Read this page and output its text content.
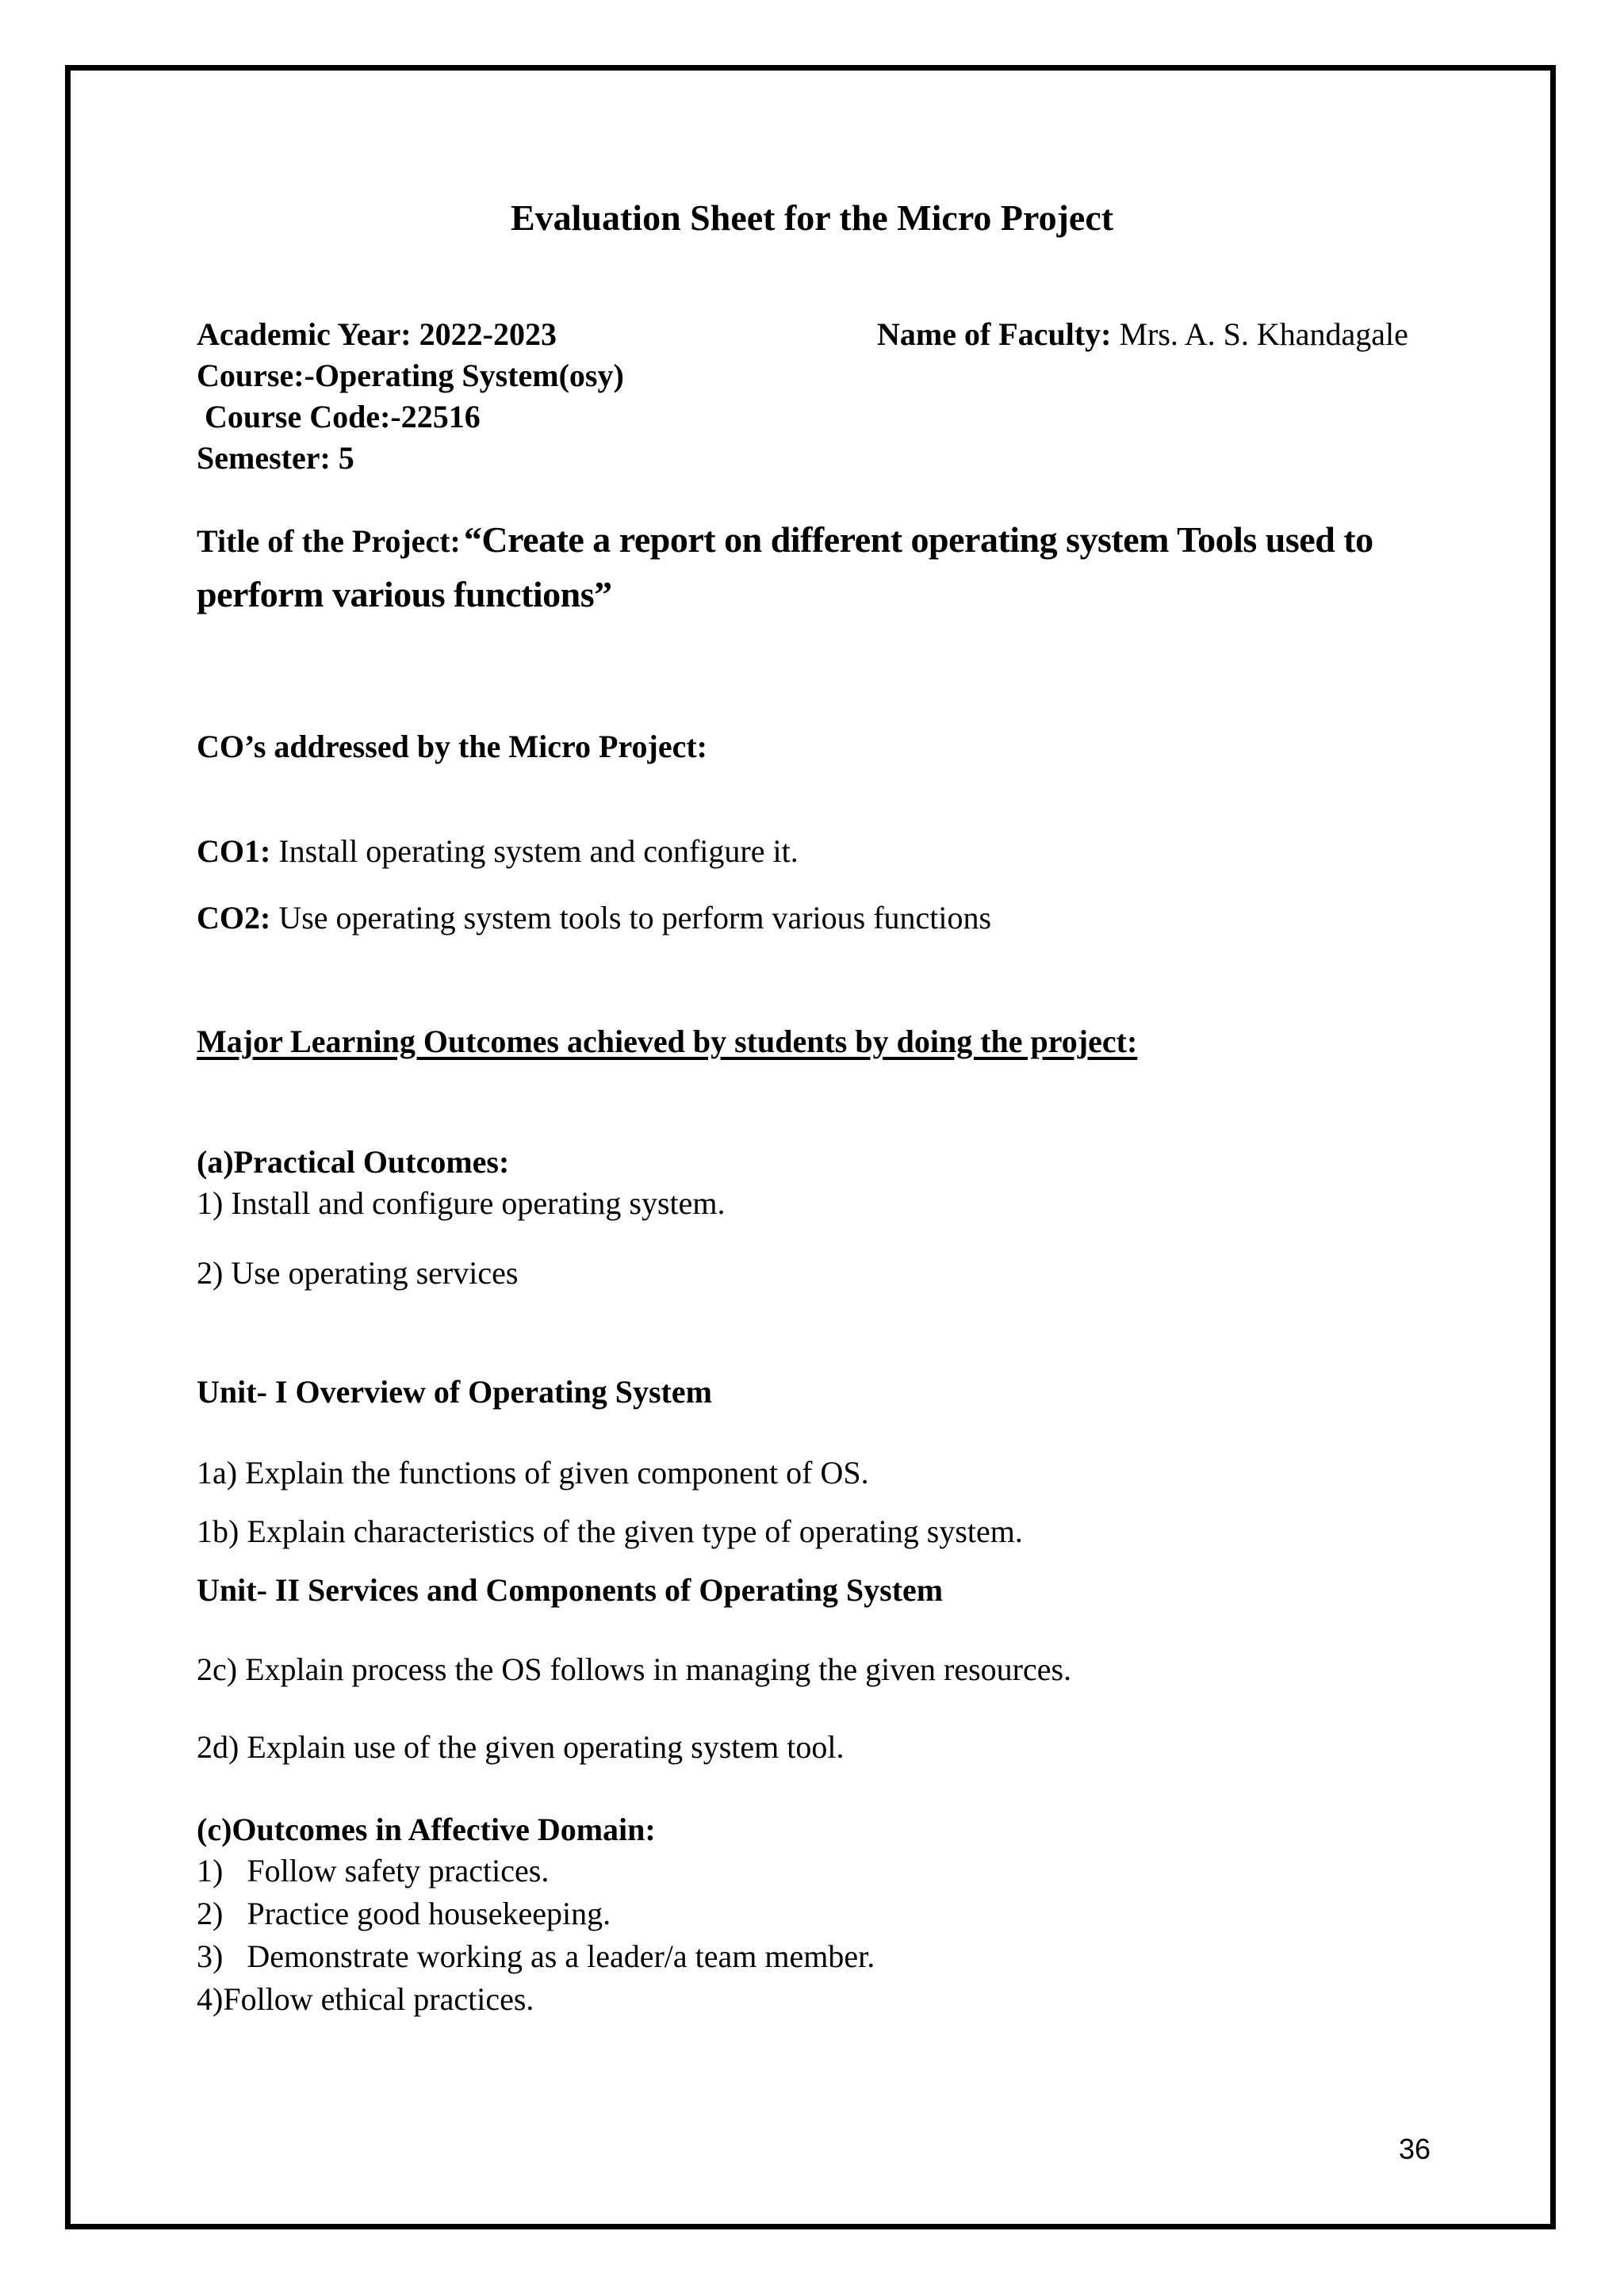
Evaluation Sheet for the Micro Project
Academic Year: 2022-2023	Name of Faculty: Mrs. A. S. Khandagale
Course:-Operating System(osy)
Course Code:-22516
Semester: 5
Title of the Project: “Create a report on different operating system Tools used to perform various functions”
CO’s addressed by the Micro Project:
CO1: Install operating system and configure it.
CO2: Use operating system tools to perform various functions
Major Learning Outcomes achieved by students by doing the project:
(a)Practical Outcomes:
1) Install and configure operating system.
2) Use operating services
Unit- I Overview of Operating System
1a) Explain the functions of given component of OS.
1b) Explain characteristics of the given type of operating system.
Unit- II Services and Components of Operating System
2c) Explain process the OS follows in managing the given resources.
2d) Explain use of the given operating system tool.
(c)Outcomes in Affective Domain:
1)   Follow safety practices.
2)   Practice good housekeeping.
3)   Demonstrate working as a leader/a team member.
4)Follow ethical practices.
36
